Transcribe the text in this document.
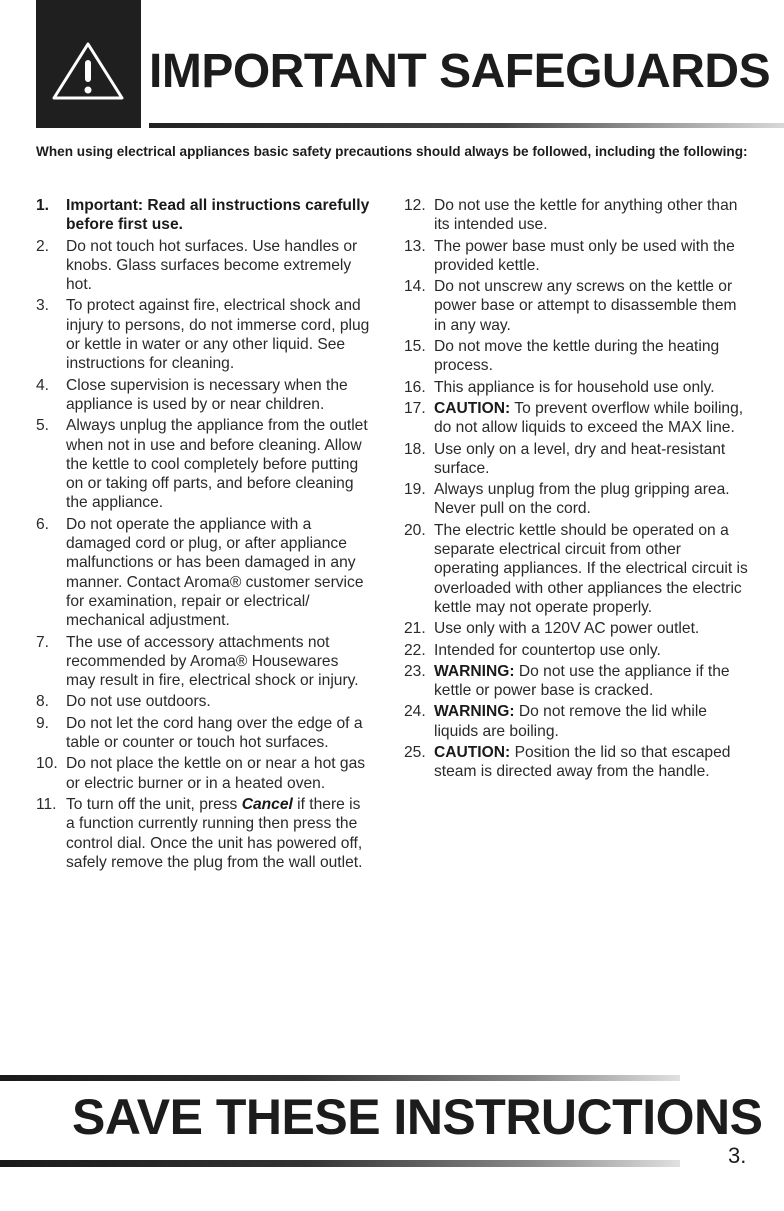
IMPORTANT SAFEGUARDS

When using electrical appliances basic safety precautions should always be followed, including the following:

1. Important: Read all instructions carefully before first use.
2. Do not touch hot surfaces. Use handles or knobs. Glass surfaces become extremely hot.
3. To protect against fire, electrical shock and injury to persons, do not immerse cord, plug or kettle in water or any other liquid. See instructions for cleaning.
4. Close supervision is necessary when the appliance is used by or near children.
5. Always unplug the appliance from the outlet when not in use and before cleaning. Allow the kettle to cool completely before putting on or taking off parts, and before cleaning the appliance.
6. Do not operate the appliance with a damaged cord or plug, or after appliance malfunctions or has been damaged in any manner. Contact Aroma® customer service for examination, repair or electrical/ mechanical adjustment.
7. The use of accessory attachments not recommended by Aroma® Housewares may result in fire, electrical shock or injury.
8. Do not use outdoors.
9. Do not let the cord hang over the edge of a table or counter or touch hot surfaces.
10. Do not place the kettle on or near a hot gas or electric burner or in a heated oven.
11. To turn off the unit, press Cancel if there is a function currently running then press the control dial. Once the unit has powered off, safely remove the plug from the wall outlet.
12. Do not use the kettle for anything other than its intended use.
13. The power base must only be used with the provided kettle.
14. Do not unscrew any screws on the kettle or power base or attempt to disassemble them in any way.
15. Do not move the kettle during the heating process.
16. This appliance is for household use only.
17. CAUTION: To prevent overflow while boiling, do not allow liquids to exceed the MAX line.
18. Use only on a level, dry and heat-resistant surface.
19. Always unplug from the plug gripping area. Never pull on the cord.
20. The electric kettle should be operated on a separate electrical circuit from other operating appliances. If the electrical circuit is overloaded with other appliances the electric kettle may not operate properly.
21. Use only with a 120V AC power outlet.
22. Intended for countertop use only.
23. WARNING: Do not use the appliance if the kettle or power base is cracked.
24. WARNING: Do not remove the lid while liquids are boiling.
25. CAUTION: Position the lid so that escaped steam is directed away from the handle.
SAVE THESE INSTRUCTIONS
3.
